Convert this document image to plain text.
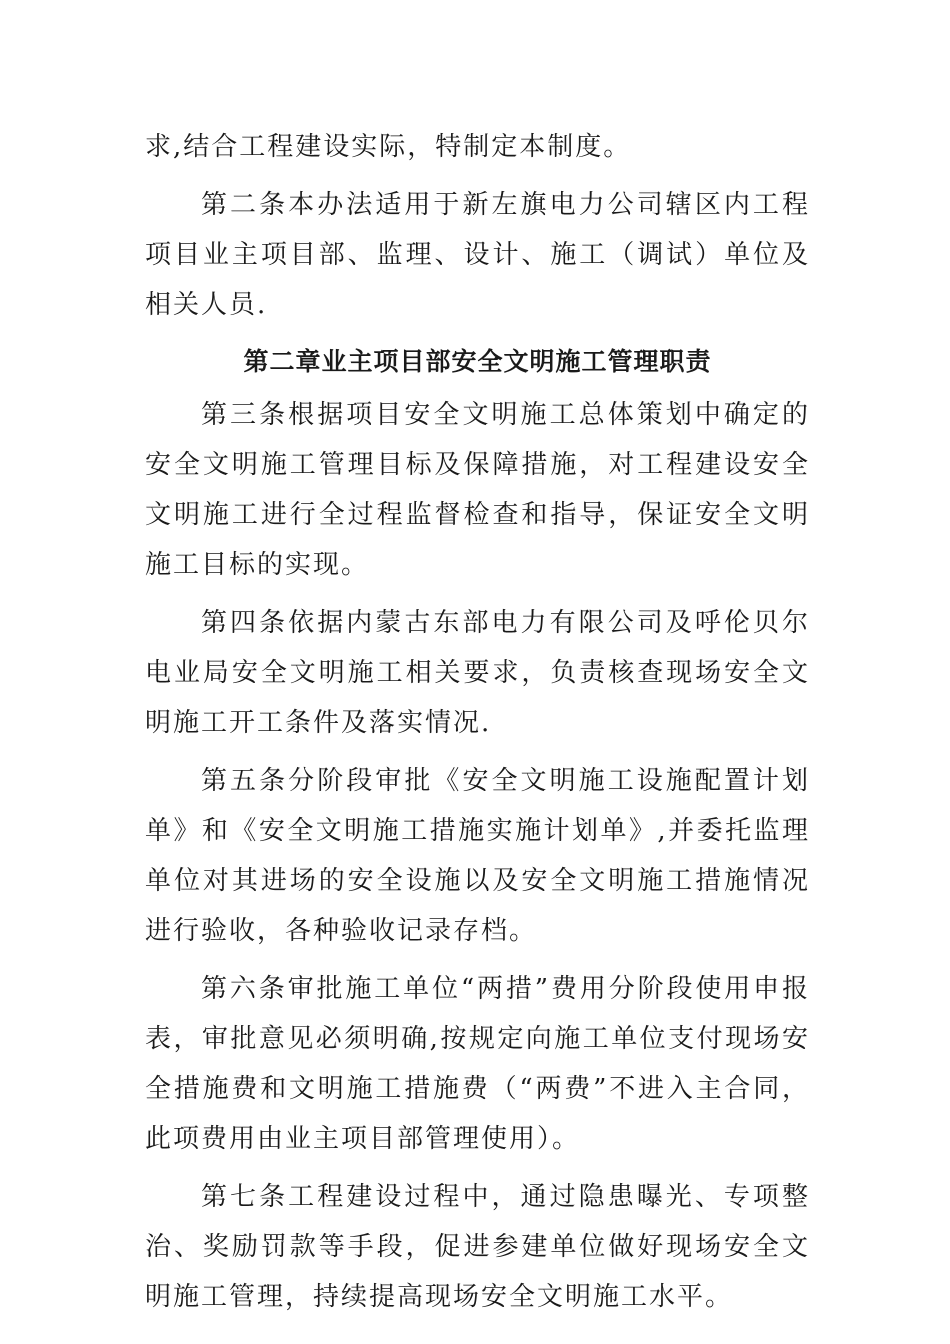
求,结合工程建设实际，特制定本制度。

第二条本办法适用于新左旗电力公司辖区内工程项目业主项目部、监理、设计、施工（调试）单位及相关人员.

第二章业主项目部安全文明施工管理职责

第三条根据项目安全文明施工总体策划中确定的安全文明施工管理目标及保障措施，对工程建设安全文明施工进行全过程监督检查和指导，保证安全文明施工目标的实现。

第四条依据内蒙古东部电力有限公司及呼伦贝尔电业局安全文明施工相关要求，负责核查现场安全文明施工开工条件及落实情况.

第五条分阶段审批《安全文明施工设施配置计划单》和《安全文明施工措施实施计划单》,并委托监理单位对其进场的安全设施以及安全文明施工措施情况进行验收，各种验收记录存档。

第六条审批施工单位“两措”费用分阶段使用申报表，审批意见必须明确,按规定向施工单位支付现场安全措施费和文明施工措施费（“两费”不进入主合同，此项费用由业主项目部管理使用）。

第七条工程建设过程中，通过隐患曝光、专项整治、奖励罚款等手段，促进参建单位做好现场安全文明施工管理，持续提高现场安全文明施工水平。
